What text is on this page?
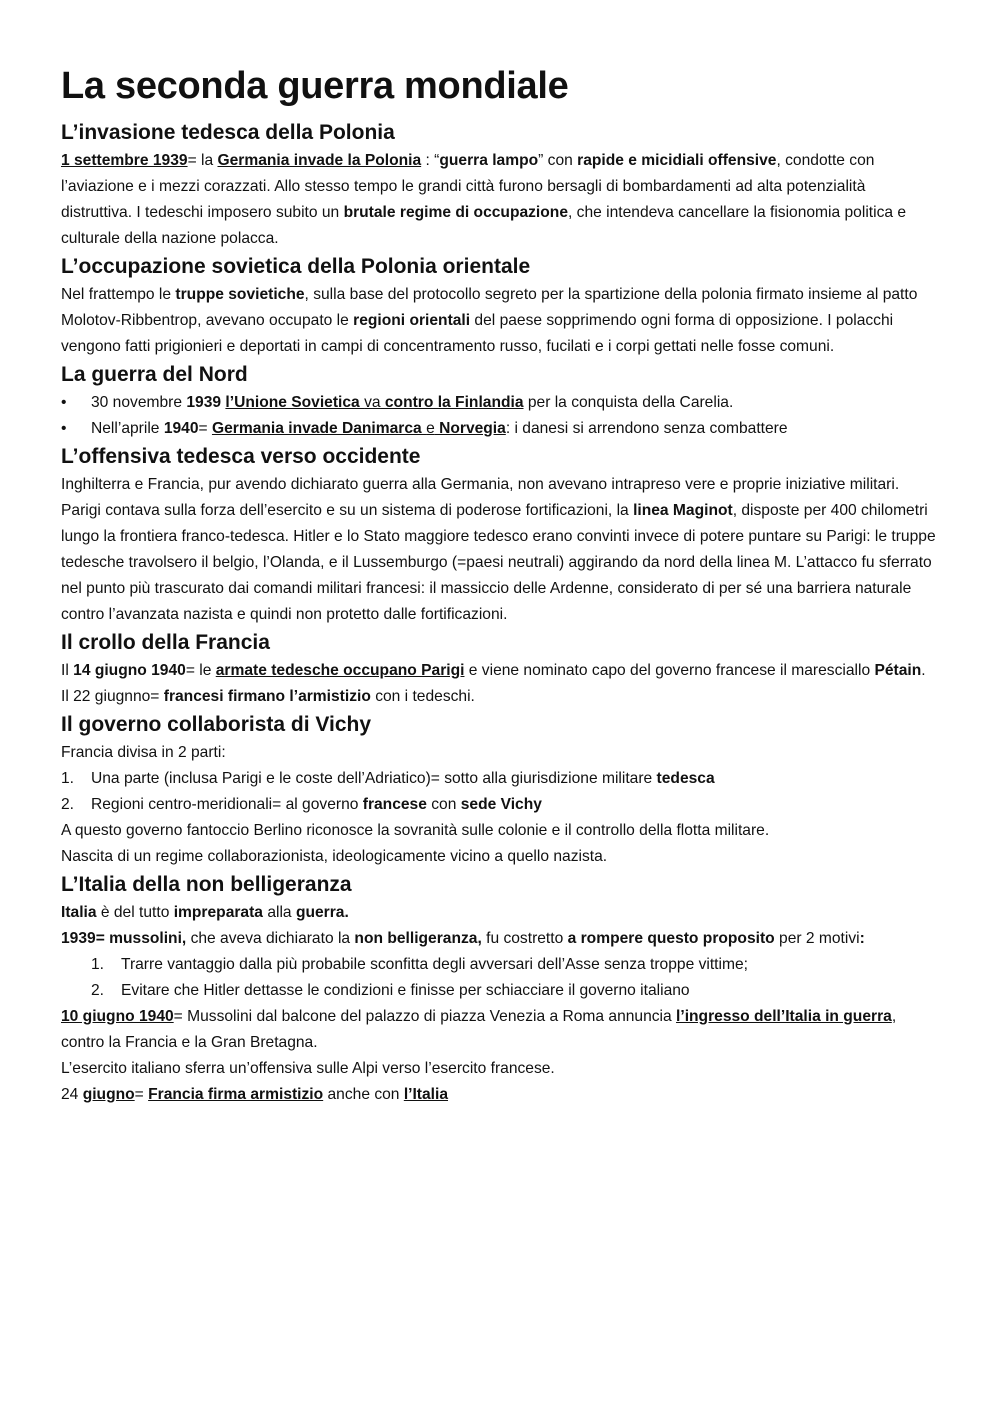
La seconda guerra mondiale
L’invasione tedesca della Polonia

1 settembre 1939= la Germania invade la Polonia : “guerra lampo” con rapide e micidiali offensive, condotte con l’aviazione e i mezzi corazzati. Allo stesso tempo le grandi città furono bersagli di bombardamenti ad alta potenzialità distruttiva. I tedeschi imposero subito un brutale regime di occupazione, che intendeva cancellare la fisionomia politica e culturale della nazione polacca.

L’occupazione sovietica della Polonia orientale

Nel frattempo le truppe sovietiche, sulla base del protocollo segreto per la spartizione della polonia firmato insieme al patto Molotov-Ribbentrop, avevano occupato le regioni orientali del paese sopprimendo ogni forma di opposizione. I polacchi vengono fatti prigionieri e deportati in campi di concentramento russo, fucilati e i corpi gettati nelle fosse comuni.

La guerra del Nord
• 30 novembre 1939 l’Unione Sovietica va contro la Finlandia per la conquista della Carelia.
• Nell’aprile 1940= Germania invade Danimarca e Norvegia: i danesi si arrendono senza combattere
L’offensiva tedesca verso occidente

Inghilterra e Francia, pur avendo dichiarato guerra alla Germania, non avevano intrapreso vere e proprie iniziative militari. Parigi contava sulla forza dell’esercito e su un sistema di poderose fortificazioni, la linea Maginot, disposte per 400 chilometri lungo la frontiera franco-tedesca. Hitler e lo Stato maggiore tedesco erano convinti invece di potere puntare su Parigi: le truppe tedesche travolsero il belgio, l’Olanda, e il Lussemburgo (=paesi neutrali) aggirando da nord della linea M. L’attacco fu sferrato nel punto più trascurato dai comandi militari francesi: il massiccio delle Ardenne, considerato di per sé una barriera naturale contro l’avanzata nazista e quindi non protetto dalle fortificazioni.

Il crollo della Francia

Il 14 giugno 1940= le armate tedesche occupano Parigi e viene nominato capo del governo francese il maresciallo Pétain.

Il 22 giugnno= francesi firmano l’armistizio con i tedeschi.

Il governo collaborista di Vichy

Francia divisa in 2 parti:

1. Una parte (inclusa Parigi e le coste dell’Adriatico)= sotto alla giurisdizione militare tedesca
2. Regioni centro-meridionali= al governo francese con sede Vichy

A questo governo fantoccio Berlino riconosce la sovranità sulle colonie e il controllo della flotta militare.

Nascita di un regime collaborazionista, ideologicamente vicino a quello nazista.

L’Italia della non belligeranza

Italia è del tutto impreparata alla guerra.

1939= mussolini, che aveva dichiarato la non belligeranza, fu costretto a rompere questo proposito per 2 motivi:

1. Trarre vantaggio dalla più probabile sconfitta degli avversari dell’Asse senza troppe vittime;
2. Evitare che Hitler dettasse le condizioni e finisse per schiacciare il governo italiano

10 giugno 1940= Mussolini dal balcone del palazzo di piazza Venezia a Roma annuncia l’ingresso dell’Italia in guerra, contro la Francia e la Gran Bretagna.

L’esercito italiano sferra un’offensiva sulle Alpi verso l’esercito francese.

24 giugno= Francia firma armistizio anche con l’Italia
